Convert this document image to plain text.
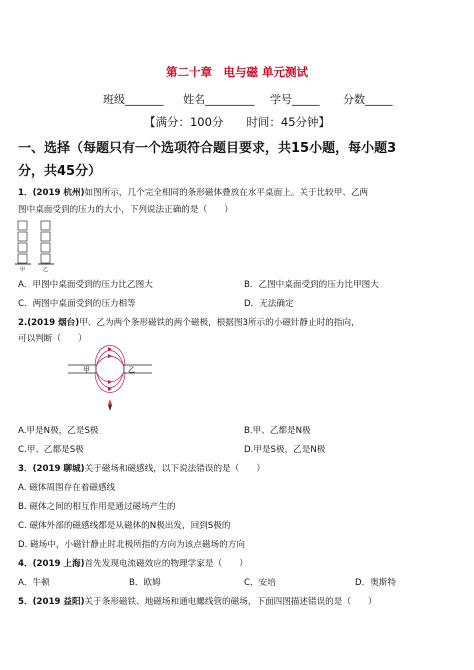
第二十章　电与磁 单元测试
班级_______ 姓名_________ 学号_____ 分数_____
【满分：100分　　时间：45分钟】
一、选择（每题只有一个选项符合题目要求，共15小题，每小题3
分，共45分）
1．(2019 杭州)如图所示，几个完全相同的条形磁体叠放在水平桌面上。关于比较甲、乙两
图中桌面受到的压力的大小，下列说法正确的是（　　）
甲	乙
A．甲图中桌面受到的压力比乙图大	B．乙图中桌面受到的压力比甲图大
C．两图中桌面受到的压力相等	D．无法确定
2.(2019 烟台)甲、乙为两个条形磁铁的两个磁极，根据图3所示的小磁针静止时的指向，
可以判断（　　）
甲	乙
A.甲是N极，乙是S极	B.甲、乙都是N极
C.甲、乙都是S极	D.甲是S极，乙是N极
3．(2019 聊城)关于磁场和磁感线，以下说法错误的是（　　）
A. 磁体周围存在着磁感线
B. 磁体之间的相互作用是通过磁场产生的
C. 磁体外部的磁感线都是从磁体的N极出发，回到S极的
D. 磁场中，小磁针静止时北极所指的方向为该点磁场的方向
4．(2019 上海)首先发现电流磁效应的物理学家是（　　）
A．牛顿	B．欧姆	C．安培	D．奥斯特
5．(2019 益阳)关于条形磁铁、地磁场和通电螺线管的磁场，下面四图描述错误的是（　　）
